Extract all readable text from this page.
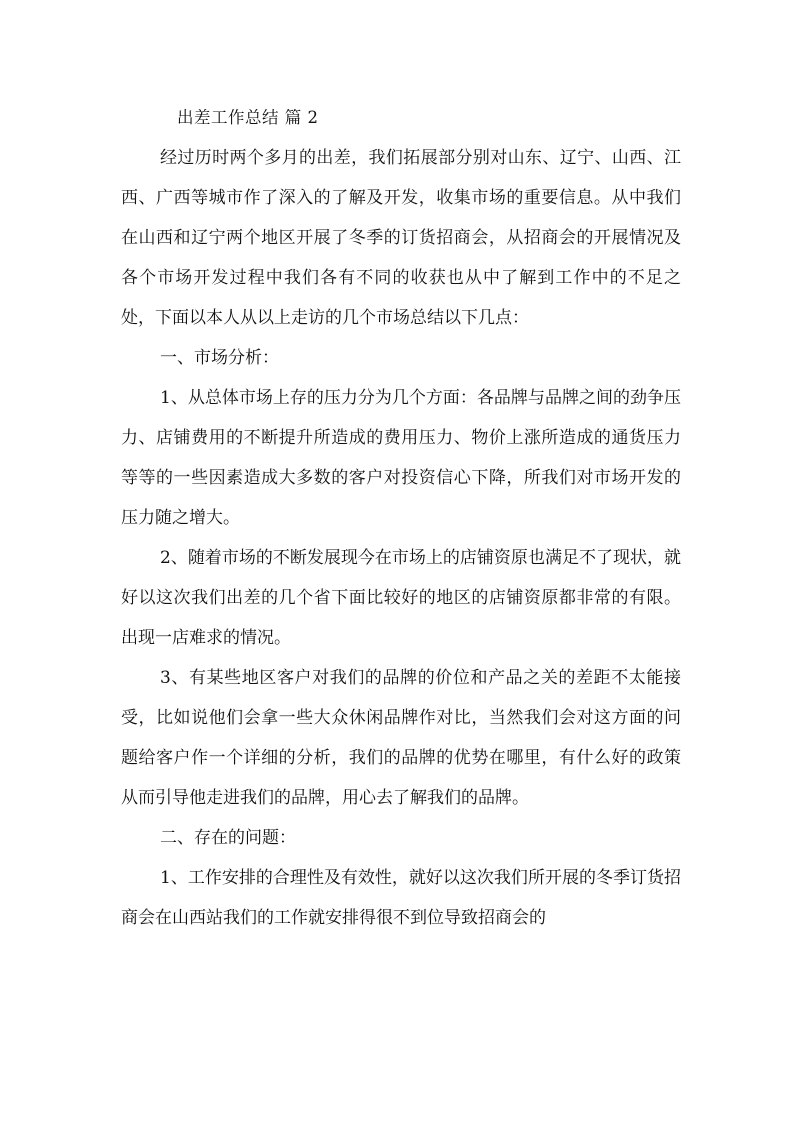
出差工作总结 篇 2

经过历时两个多月的出差，我们拓展部分别对山东、辽宁、山西、江西、广西等城市作了深入的了解及开发，收集市场的重要信息。从中我们在山西和辽宁两个地区开展了冬季的订货招商会，从招商会的开展情况及各个市场开发过程中我们各有不同的收获也从中了解到工作中的不足之处，下面以本人从以上走访的几个市场总结以下几点：

一、市场分析：

1、从总体市场上存的压力分为几个方面：各品牌与品牌之间的劲争压力、店铺费用的不断提升所造成的费用压力、物价上涨所造成的通货压力等等的一些因素造成大多数的客户对投资信心下降，所我们对市场开发的压力随之增大。

2、随着市场的不断发展现今在市场上的店铺资原也满足不了现状，就好以这次我们出差的几个省下面比较好的地区的店铺资原都非常的有限。出现一店难求的情况。

3、有某些地区客户对我们的品牌的价位和产品之关的差距不太能接受，比如说他们会拿一些大众休闲品牌作对比，当然我们会对这方面的问题给客户作一个详细的分析，我们的品牌的优势在哪里，有什么好的政策从而引导他走进我们的品牌，用心去了解我们的品牌。

二、存在的问题：

1、工作安排的合理性及有效性，就好以这次我们所开展的冬季订货招商会在山西站我们的工作就安排得很不到位导致招商会的
